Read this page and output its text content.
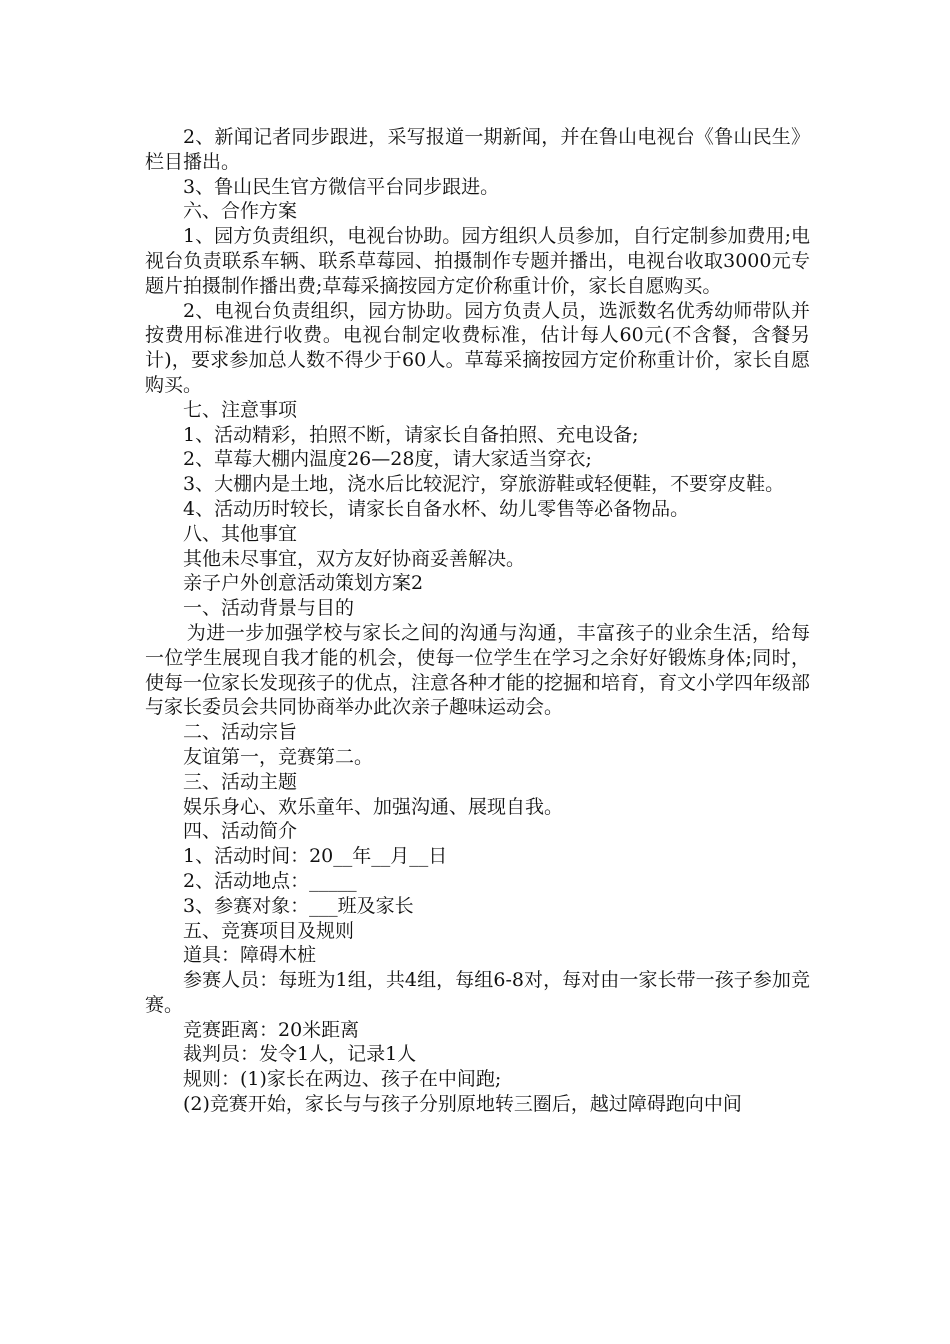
2、新闻记者同步跟进，采写报道一期新闻，并在鲁山电视台《鲁山民生》栏目播出。

3、鲁山民生官方微信平台同步跟进。

六、合作方案

1、园方负责组织，电视台协助。园方组织人员参加，自行定制参加费用;电视台负责联系车辆、联系草莓园、拍摄制作专题并播出，电视台收取3000元专题片拍摄制作播出费;草莓采摘按园方定价称重计价，家长自愿购买。

2、电视台负责组织，园方协助。园方负责人员，选派数名优秀幼师带队并按费用标准进行收费。电视台制定收费标准，估计每人60元(不含餐，含餐另计)，要求参加总人数不得少于60人。草莓采摘按园方定价称重计价，家长自愿购买。

七、注意事项

1、活动精彩，拍照不断，请家长自备拍照、充电设备;

2、草莓大棚内温度26—28度，请大家适当穿衣;

3、大棚内是土地，浇水后比较泥泞，穿旅游鞋或轻便鞋，不要穿皮鞋。

4、活动历时较长，请家长自备水杯、幼儿零售等必备物品。

八、其他事宜

其他未尽事宜，双方友好协商妥善解决。

亲子户外创意活动策划方案2

一、活动背景与目的

为进一步加强学校与家长之间的沟通与沟通，丰富孩子的业余生活，给每一位学生展现自我才能的机会，使每一位学生在学习之余好好锻炼身体;同时，使每一位家长发现孩子的优点，注意各种才能的挖掘和培育，育文小学四年级部与家长委员会共同协商举办此次亲子趣味运动会。

二、活动宗旨

友谊第一，竞赛第二。

三、活动主题

娱乐身心、欢乐童年、加强沟通、展现自我。

四、活动简介

1、活动时间：20__年__月__日

2、活动地点：_____

3、参赛对象：___班及家长

五、竞赛项目及规则

道具：障碍木桩

参赛人员：每班为1组，共4组，每组6-8对，每对由一家长带一孩子参加竞赛。

竞赛距离：20米距离

裁判员：发令1人，记录1人

规则：(1)家长在两边、孩子在中间跑;

(2)竞赛开始，家长与与孩子分别原地转三圈后，越过障碍跑向中间
